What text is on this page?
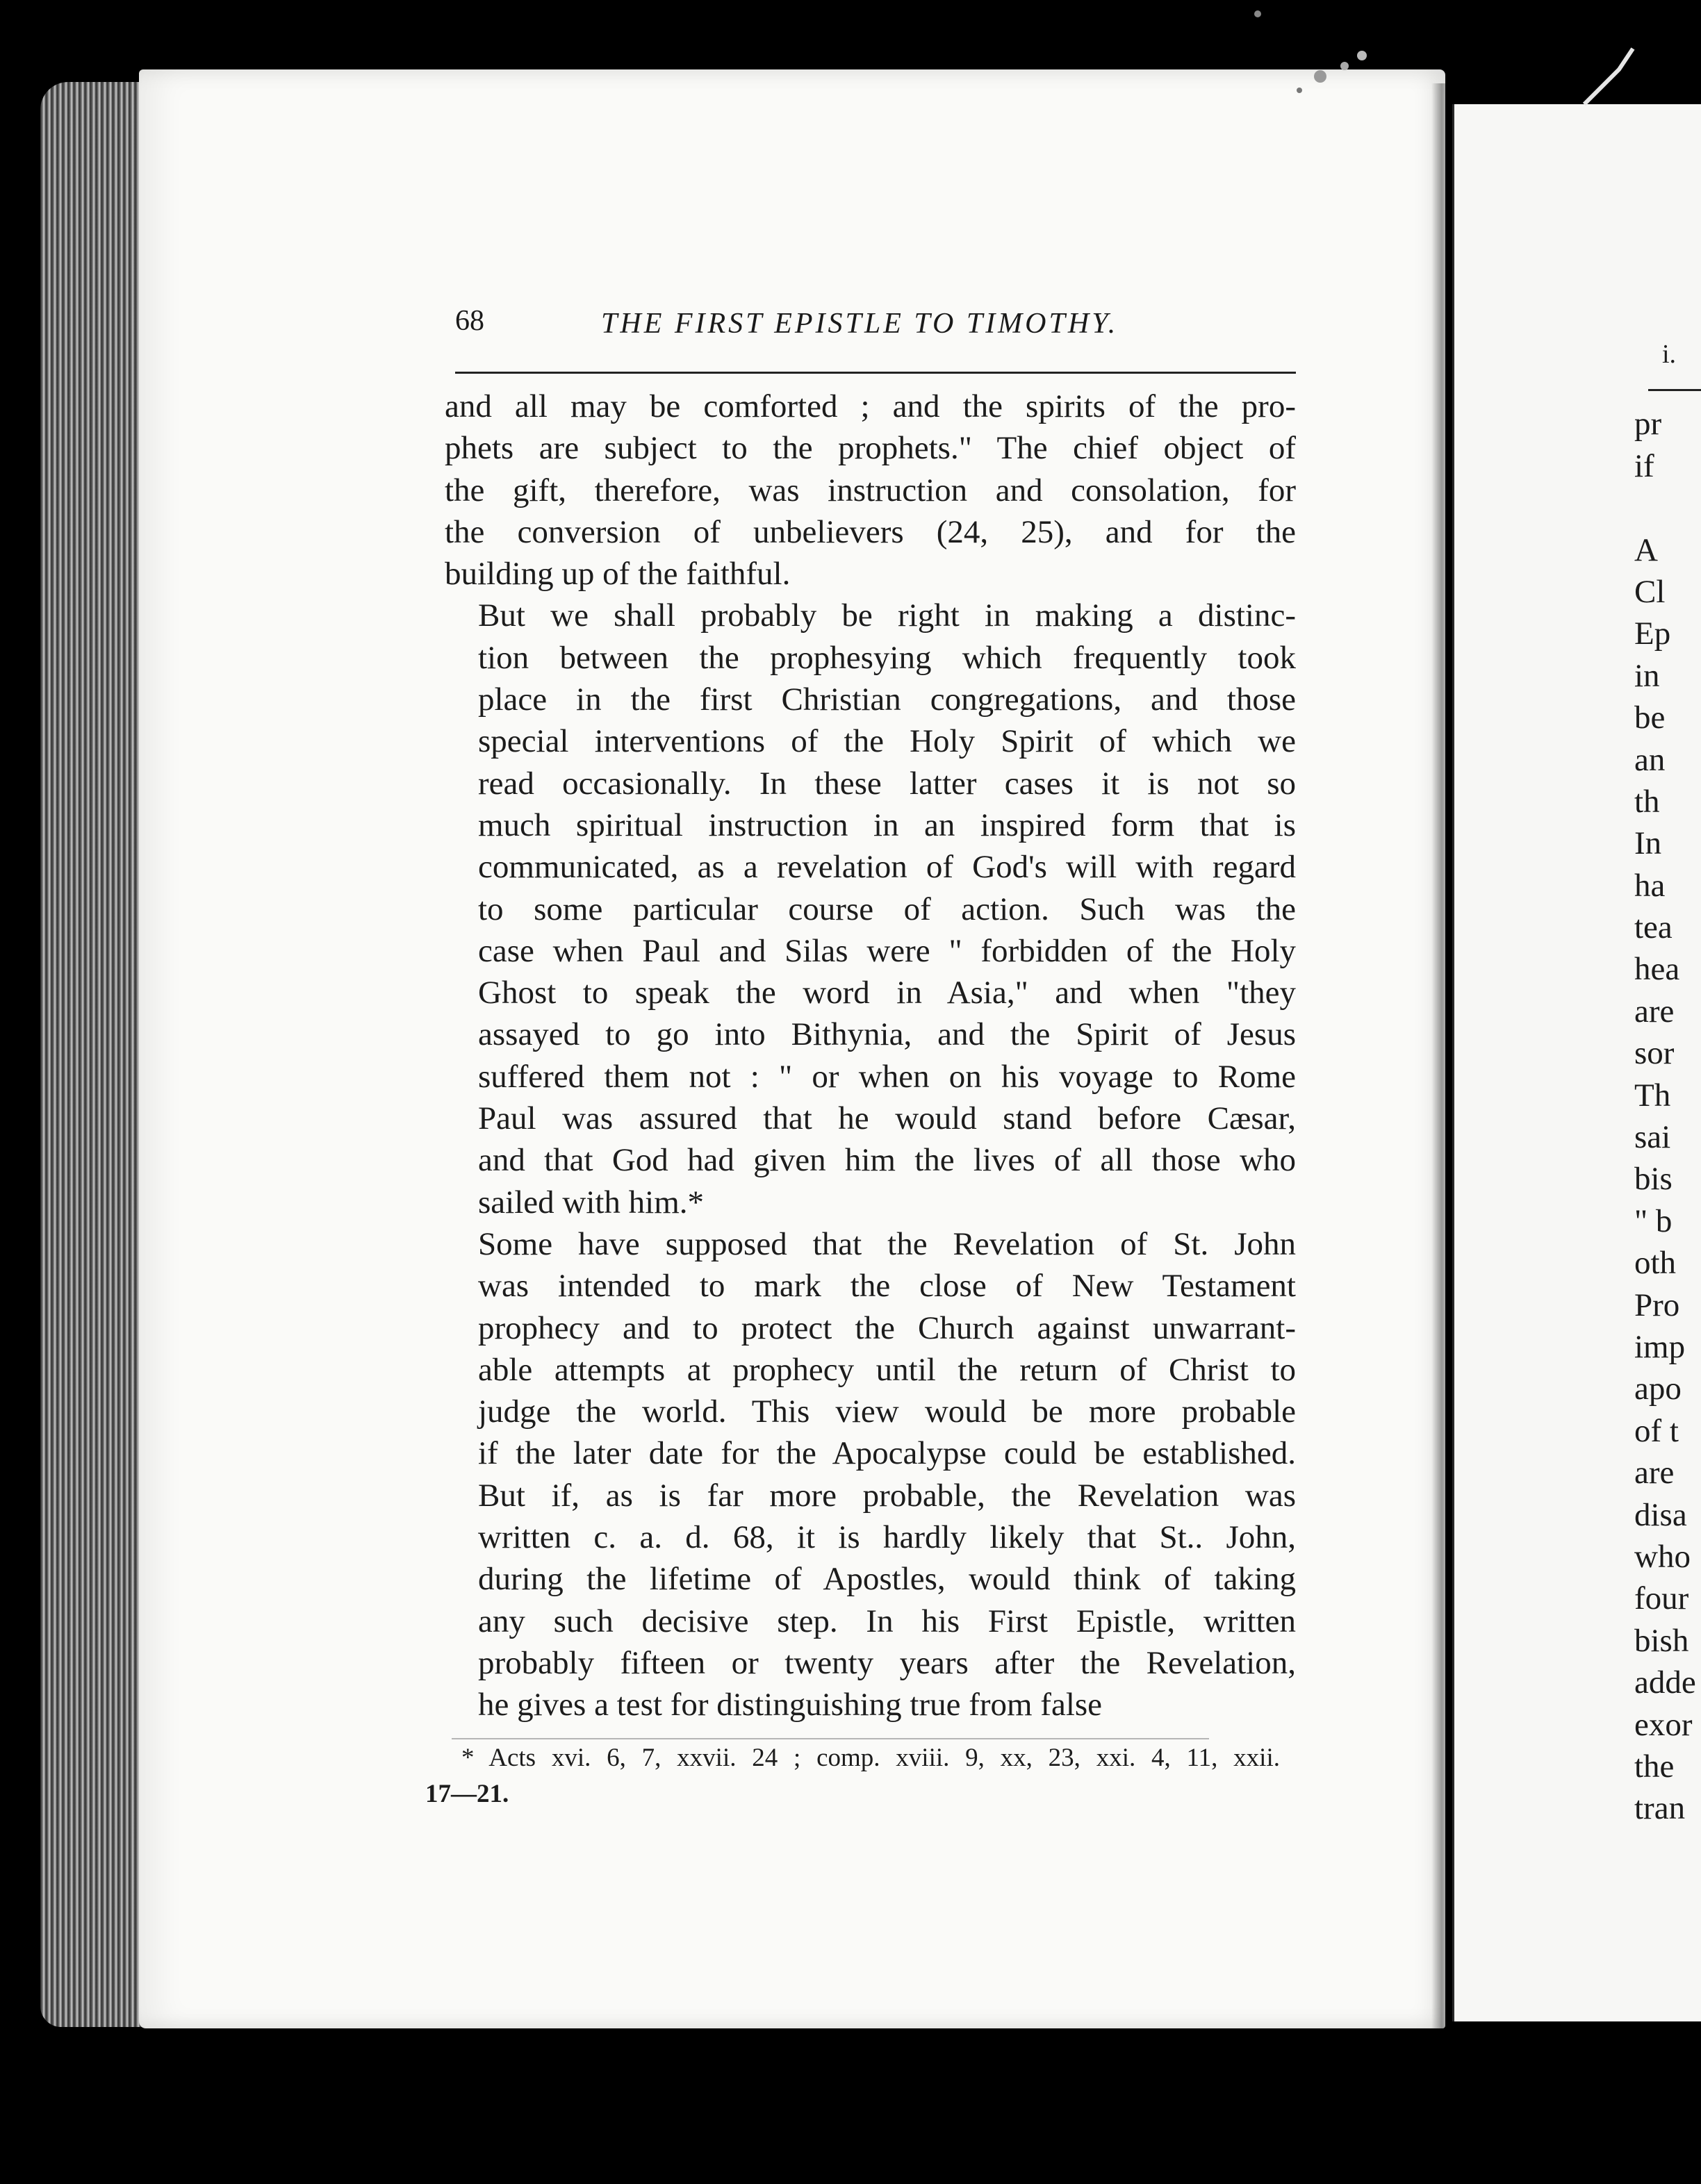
68	THE FIRST EPISTLE TO TIMOTHY.

and all may be comforted ; and the spirits of the pro-
phets are subject to the prophets." The chief object of
the gift, therefore, was instruction and consolation, for
the conversion of unbelievers (24, 25), and for the
building up of the faithful.

But we shall probably be right in making a distinc-
tion between the prophesying which frequently took
place in the first Christian congregations, and those
special interventions of the Holy Spirit of which we
read occasionally. In these latter cases it is not so
much spiritual instruction in an inspired form that is
communicated, as a revelation of God's will with regard
to some particular course of action. Such was the
case when Paul and Silas were " forbidden of the Holy
Ghost to speak the word in Asia," and when "they
assayed to go into Bithynia, and the Spirit of Jesus
suffered them not : " or when on his voyage to Rome
Paul was assured that he would stand before Cæsar,
and that God had given him the lives of all those who
sailed with him.*

Some have supposed that the Revelation of St. John
was intended to mark the close of New Testament
prophecy and to protect the Church against unwarrant-
able attempts at prophecy until the return of Christ to
judge the world. This view would be more probable
if the later date for the Apocalypse could be established.
But if, as is far more probable, the Revelation was
written c. a. d. 68, it is hardly likely that St.. John,
during the lifetime of Apostles, would think of taking
any such decisive step. In his First Epistle, written
probably fifteen or twenty years after the Revelation,
he gives a test for distinguishing true from false

* Acts xvi. 6, 7, xxvii. 24 ; comp. xviii. 9, xx, 23, xxi. 4, 11, xxii.
17—21.

i.
pr
if
A
Cl
Ep
in
be
an
th
In
ha
tea
hea
are
sor
Th
sai
bis
" b
oth
Pro
imp
apo
of t
are
disa
who
four
bish
adde
exor
the
tran
